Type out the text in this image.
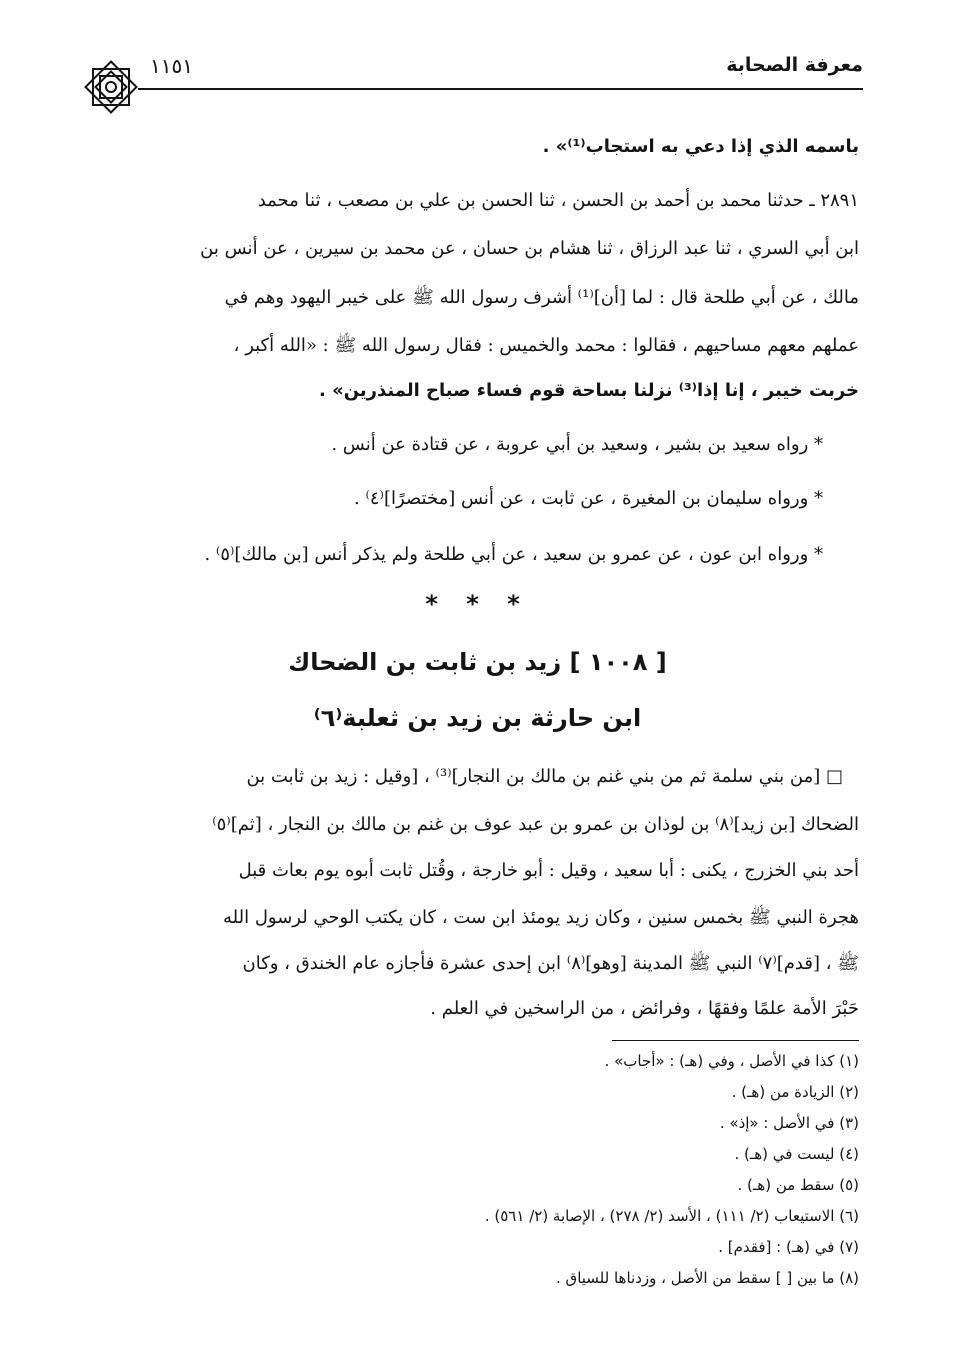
معرفة الصحابة
١١٥١
باسمه الذي إذا دعي به استجاب⁽¹⁾» .
٢٨٩١ ـ حدثنا محمد بن أحمد بن الحسن ، ثنا الحسن بن علي بن مصعب ، ثنا محمد
ابن أبي السري ، ثنا عبد الرزاق ، ثنا هشام بن حسان ، عن محمد بن سيرين ، عن أنس بن
مالك ، عن أبي طلحة قال : لما [أن]⁽¹⁾ أشرف رسول الله ﷺ على خيبر اليهود وهم في
عملهم معهم مساحيهم ، فقالوا : محمد والخميس : فقال رسول الله ﷺ : «الله أكبر ،
خربت خيبر ، إنا إذا⁽³⁾ نزلنا بساحة قوم فساء صباح المنذرين» .
* رواه سعيد بن بشير ، وسعيد بن أبي عروبة ، عن قتادة عن أنس .
* ورواه سليمان بن المغيرة ، عن ثابت ، عن أنس [مختصرًا]⁽٤⁾ .
* ورواه ابن عون ، عن عمرو بن سعيد ، عن أبي طلحة ولم يذكر أنس [بن مالك]⁽٥⁾ .
* * *
[ ١٠٠٨ ] زيد بن ثابت بن الضحاك
ابن حارثة بن زيد بن ثعلبة⁽٦⁾
□ [من بني سلمة ثم من بني غنم بن مالك بن النجار]⁽³⁾ ، [وقيل : زيد بن ثابت بن
الضحاك [بن زيد]⁽٨⁾ بن لوذان بن عمرو بن عبد عوف بن غنم بن مالك بن النجار ، [ثم]⁽٥⁾
أحد بني الخزرج ، يكنى : أبا سعيد ، وقيل : أبو خارجة ، وقُتل ثابت أبوه يوم بعاث قبل
هجرة النبي ﷺ بخمس سنين ، وكان زيد يومئذ ابن ست ، كان يكتب الوحي لرسول الله
ﷺ ، [قدم]⁽٧⁾ النبي ﷺ المدينة [وهو]⁽٨⁾ ابن إحدى عشرة فأجازه عام الخندق ، وكان
حَبْرَ الأمة علمًا وفقهًا ، وفرائض ، من الراسخين في العلم .
(١) كذا في الأصل ، وفي (هـ) : «أجاب» .
(٢) الزيادة من (هـ) .
(٣) في الأصل : «إذ» .
(٤) ليست في (هـ) .
(٥) سقط من (هـ) .
(٦) الاستيعاب (٢/ ١١١) ، الأسد (٢/ ٢٧٨) ، الإصابة (٢/ ٥٦١) .
(٧) في (هـ) : [فقدم] .
(٨) ما بين [ ] سقط من الأصل ، وزدناها للسياق .
